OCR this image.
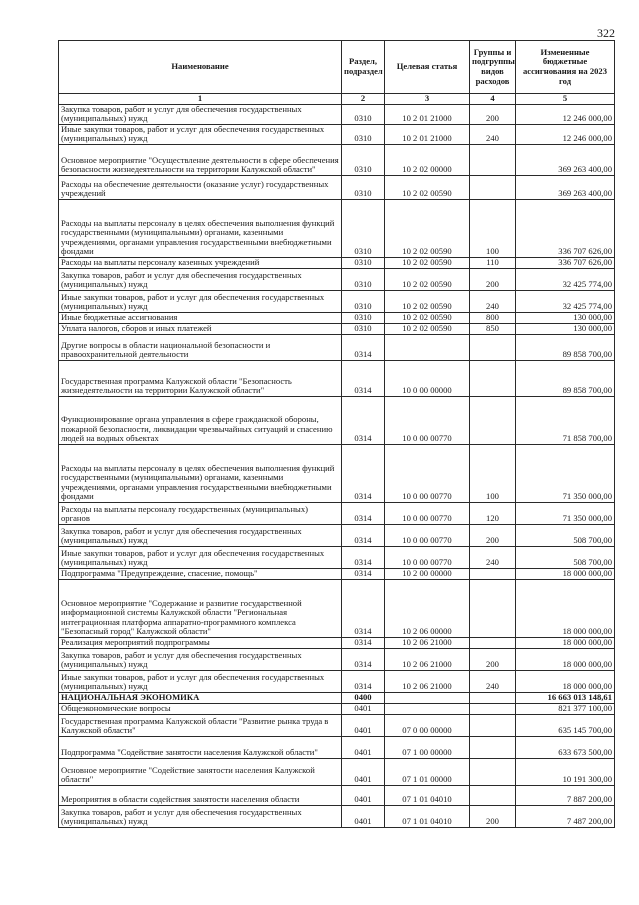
322
Наименование	Раздел, подраздел	Целевая статья	Группы и подгруппы видов расходов	Измененные бюджетные ассигнования на 2023 год
1	2	3	4	5
Закупка товаров, работ и услуг для обеспечения государственных (муниципальных) нужд	0310	10 2 01 21000	200	12 246 000,00
Иные закупки товаров, работ и услуг для обеспечения государственных (муниципальных) нужд	0310	10 2 01 21000	240	12 246 000,00
Основное мероприятие "Осуществление деятельности в сфере обеспечения безопасности жизнедеятельности на территории Калужской области"	0310	10 2 02 00000		369 263 400,00
Расходы на обеспечение деятельности (оказание услуг) государственных учреждений	0310	10 2 02 00590		369 263 400,00
Расходы на выплаты персоналу в целях обеспечения выполнения функций государственными (муниципальными) органами, казенными учреждениями, органами управления государственными внебюджетными фондами	0310	10 2 02 00590	100	336 707 626,00
Расходы на выплаты персоналу казенных учреждений	0310	10 2 02 00590	110	336 707 626,00
Закупка товаров, работ и услуг для обеспечения государственных (муниципальных) нужд	0310	10 2 02 00590	200	32 425 774,00
Иные закупки товаров, работ и услуг для обеспечения государственных (муниципальных) нужд	0310	10 2 02 00590	240	32 425 774,00
Иные бюджетные ассигнования	0310	10 2 02 00590	800	130 000,00
Уплата налогов, сборов и иных платежей	0310	10 2 02 00590	850	130 000,00
Другие вопросы в области национальной безопасности и правоохранительной деятельности	0314			89 858 700,00
Государственная программа Калужской области "Безопасность жизнедеятельности на территории Калужской области"	0314	10 0 00 00000		89 858 700,00
Функционирование органа управления в сфере гражданской обороны, пожарной безопасности, ликвидации чрезвычайных ситуаций и спасению людей на водных объектах	0314	10 0 00 00770		71 858 700,00
Расходы на выплаты персоналу в целях обеспечения выполнения функций государственными (муниципальными) органами, казенными учреждениями, органами управления государственными внебюджетными фондами	0314	10 0 00 00770	100	71 350 000,00
Расходы на выплаты персоналу государственных (муниципальных) органов	0314	10 0 00 00770	120	71 350 000,00
Закупка товаров, работ и услуг для обеспечения государственных (муниципальных) нужд	0314	10 0 00 00770	200	508 700,00
Иные закупки товаров, работ и услуг для обеспечения государственных (муниципальных) нужд	0314	10 0 00 00770	240	508 700,00
Подпрограмма "Предупреждение, спасение, помощь"	0314	10 2 00 00000		18 000 000,00
Основное мероприятие "Содержание и развитие государственной информационной системы Калужской области "Региональная интеграционная платформа аппаратно-программного комплекса "Безопасный город" Калужской области"	0314	10 2 06 00000		18 000 000,00
Реализация мероприятий подпрограммы	0314	10 2 06 21000		18 000 000,00
Закупка товаров, работ и услуг для обеспечения государственных (муниципальных) нужд	0314	10 2 06 21000	200	18 000 000,00
Иные закупки товаров, работ и услуг для обеспечения государственных (муниципальных) нужд	0314	10 2 06 21000	240	18 000 000,00
НАЦИОНАЛЬНАЯ ЭКОНОМИКА	0400			16 663 013 148,61
Общеэкономические вопросы	0401			821 377 100,00
Государственная программа Калужской области "Развитие рынка труда в Калужской области"	0401	07 0 00 00000		635 145 700,00
Подпрограмма "Содействие занятости населения Калужской области"	0401	07 1 00 00000		633 673 500,00
Основное мероприятие "Содействие занятости населения Калужской области"	0401	07 1 01 00000		10 191 300,00
Мероприятия в области содействия занятости населения области	0401	07 1 01 04010		7 887 200,00
Закупка товаров, работ и услуг для обеспечения государственных (муниципальных) нужд	0401	07 1 01 04010	200	7 487 200,00
